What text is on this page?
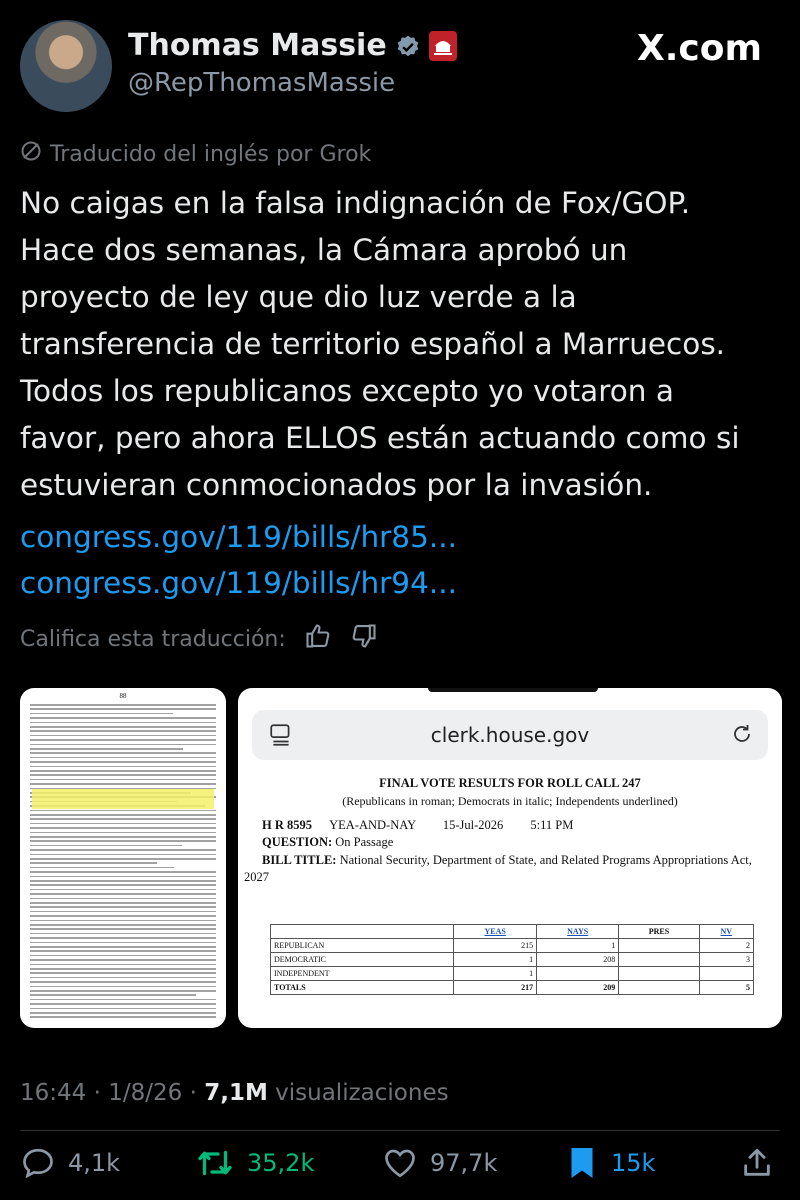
Thomas Massie
@RepThomasMassie
X.com
Traducido del inglés por Grok
No caigas en la falsa indignación de Fox/GOP.
Hace dos semanas, la Cámara aprobó un
proyecto de ley que dio luz verde a la
transferencia de territorio español a Marruecos.
Todos los republicanos excepto yo votaron a
favor, pero ahora ELLOS están actuando como si
estuvieran conmocionados por la invasión.
congress.gov/119/bills/hr85...
congress.gov/119/bills/hr94...
Califica esta traducción:
88
clerk.house.gov
FINAL VOTE RESULTS FOR ROLL CALL 247
(Republicans in roman; Democrats in italic; Independents underlined)
H R 8595 YEA-AND-NAY 15-Jul-2026 5:11 PM
QUESTION: On Passage
BILL TITLE: National Security, Department of State, and Related Programs Appropriations Act, 2027
	YEAS	NAYS	PRES	NV
REPUBLICAN	215	1		2
DEMOCRATIC	1	208		3
INDEPENDENT	1			
TOTALS	217	209		5
16:44 · 1/8/26 · 7,1M visualizaciones
4,1k	35,2k	97,7k	15k
